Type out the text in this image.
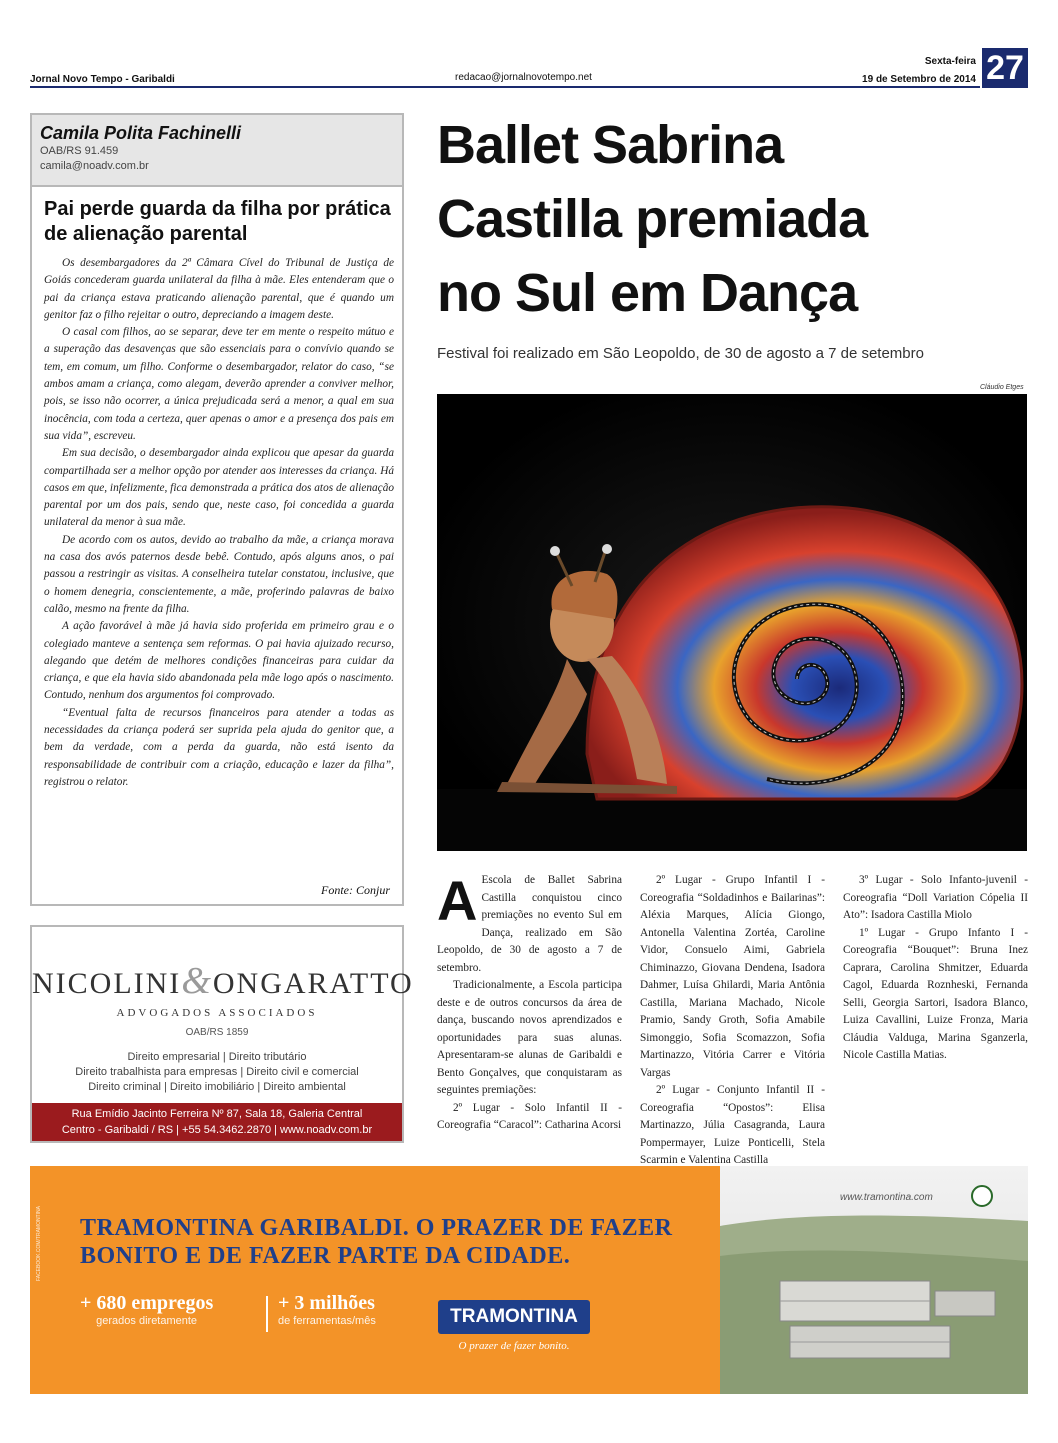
Jornal Novo Tempo - Garibaldi	redacao@jornalnovotempo.net
Sexta-feira
19 de Setembro de 2014 27
Camila Polita Fachinelli
OAB/RS 91.459
camila@noadv.com.br
Pai perde guarda da filha por prática de alienação parental

Os desembargadores da 2ª Câmara Cível do Tribunal de Justiça de Goiás concederam guarda unilateral da filha à mãe. Eles entenderam que o pai da criança estava praticando alienação parental, que é quando um genitor faz o filho rejeitar o outro, depreciando a imagem deste.

O casal com filhos, ao se separar, deve ter em mente o respeito mútuo e a superação das desavenças que são essenciais para o convívio quando se tem, em comum, um filho. Conforme o desembargador, relator do caso, “se ambos amam a criança, como alegam, deverão aprender a conviver melhor, pois, se isso não ocorrer, a única prejudicada será a menor, a qual em sua inocência, com toda a certeza, quer apenas o amor e a presença dos pais em sua vida”, escreveu.

Em sua decisão, o desembargador ainda explicou que apesar da guarda compartilhada ser a melhor opção por atender aos interesses da criança. Há casos em que, infelizmente, fica demonstrada a prática dos atos de alienação parental por um dos pais, sendo que, neste caso, foi concedida a guarda unilateral da menor à sua mãe.

De acordo com os autos, devido ao trabalho da mãe, a criança morava na casa dos avós paternos desde bebê. Contudo, após alguns anos, o pai passou a restringir as visitas. A conselheira tutelar constatou, inclusive, que o homem denegria, conscientemente, a mãe, proferindo palavras de baixo calão, mesmo na frente da filha.

A ação favorável à mãe já havia sido proferida em primeiro grau e o colegiado manteve a sentença sem reformas. O pai havia ajuizado recurso, alegando que detém de melhores condições financeiras para cuidar da criança, e que ela havia sido abandonada pela mãe logo após o nascimento. Contudo, nenhum dos argumentos foi comprovado.

“Eventual falta de recursos financeiros para atender a todas as necessidades da criança poderá ser suprida pela ajuda do genitor que, a bem da verdade, com a perda da guarda, não está isento da responsabilidade de contribuir com a criação, educação e lazer da filha”, registrou o relator.

Fonte: Conjur
NICOLINI&ONGARATTO
ADVOGADOS ASSOCIADOS
OAB/RS 1859
Direito empresarial | Direito tributário
Direito trabalhista para empresas | Direito civil e comercial
Direito criminal | Direito imobiliário | Direito ambiental
Rua Emídio Jacinto Ferreira Nº 87, Sala 18, Galeria Central
Centro - Garibaldi / RS | +55 54.3462.2870 | www.noadv.com.br
Ballet Sabrina
Castilla premiada
no Sul em Dança
Festival foi realizado em São Leopoldo, de 30 de agosto a 7 de setembro
Cláudio Etges
A Escola de Ballet Sabrina Castilla conquistou cinco premiações no evento Sul em Dança, realizado em São Leopoldo, de 30 de agosto a 7 de setembro.

Tradicionalmente, a Escola participa deste e de outros concursos da área de dança, buscando novos aprendizados e oportunidades para suas alunas. Apresentaram-se alunas de Garibaldi e Bento Gonçalves, que conquistaram as seguintes premiações:

2º Lugar - Solo Infantil II - Coreografia “Caracol”: Catharina Acorsi

2º Lugar - Grupo Infantil I - Coreografia “Soldadinhos e Bailarinas”: Aléxia Marques, Alícia Giongo, Antonella Valentina Zortéa, Caroline Vidor, Consuelo Aimi, Gabriela Chiminazzo, Giovana Dendena, Isadora Dahmer, Luísa Ghilardi, Maria Antônia Castilla, Mariana Machado, Nicole Pramio, Sandy Groth, Sofia Amabile Simonggio, Sofia Scomazzon, Sofia Martinazzo, Vitória Carrer e Vitória Vargas

2º Lugar - Conjunto Infantil II - Coreografia “Opostos”: Elisa Martinazzo, Júlia Casagranda, Laura Pompermayer, Luize Ponticelli, Stela Scarmin e Valentina Castilla

3º Lugar - Solo Infanto-juvenil - Coreografia “Doll Variation Cópelia II Ato”: Isadora Castilla Miolo

1º Lugar - Grupo Infanto I - Coreografia “Bouquet”: Bruna Inez Caprara, Carolina Shmitzer, Eduarda Cagol, Eduarda Roznheski, Fernanda Selli, Georgia Sartori, Isadora Blanco, Luiza Cavallini, Luize Fronza, Maria Cláudia Valduga, Marina Sganzerla, Nicole Castilla Matias.

FACEBOOK.COM/TRAMONTINA TRAMONTINA GARIBALDI. O PRAZER DE FAZER
BONITO E DE FAZER PARTE DA CIDADE.
+ 680 empregos
gerados diretamente
+ 3 milhões
de ferramentas/mês	TRAMONTINA
O prazer de fazer bonito.
www.tramontina.com
